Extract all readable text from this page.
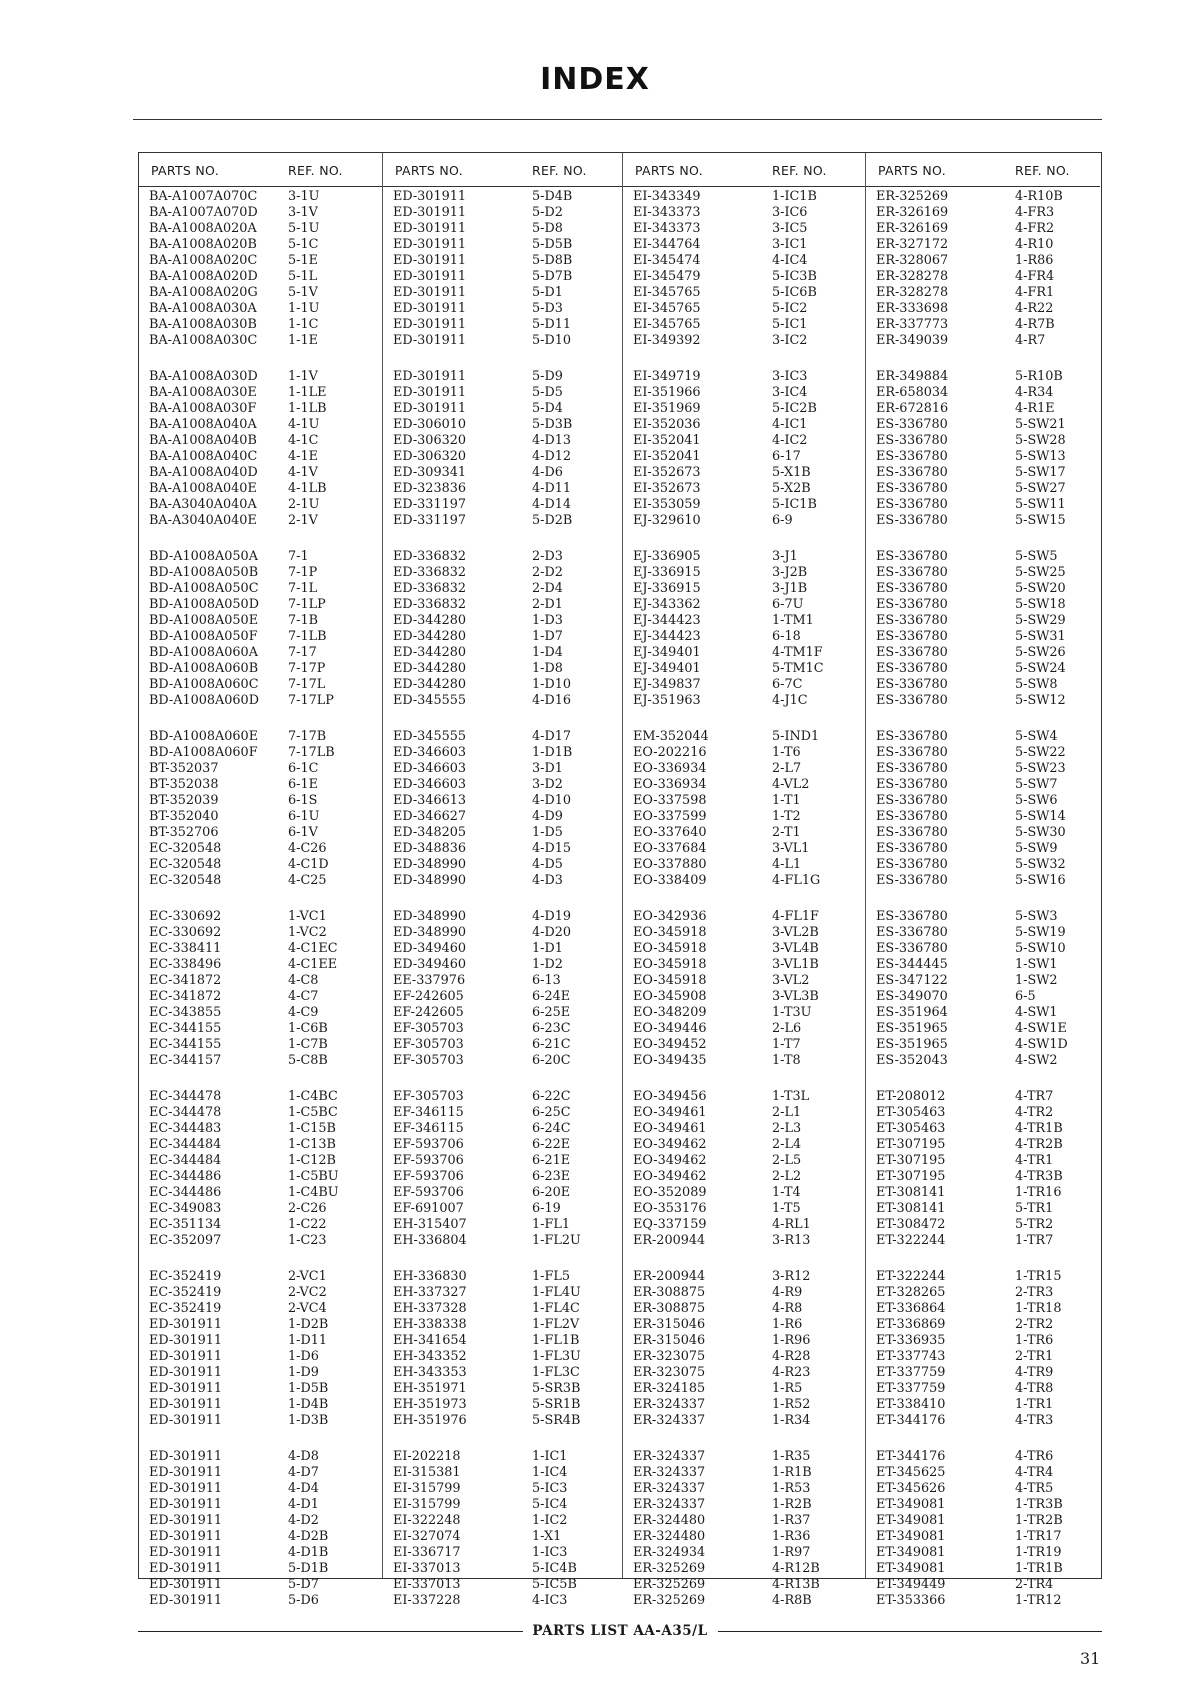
INDEX
PARTS NO.	REF. NO.
BA-A1007A070C 3-1U
BA-A1007A070D 3-1V
BA-A1008A020A 5-1U
BA-A1008A020B 5-1C
BA-A1008A020C 5-1E
BA-A1008A020D 5-1L
BA-A1008A020G 5-1V
BA-A1008A030A 1-1U
BA-A1008A030B 1-1C
BA-A1008A030C 1-1E
BA-A1008A030D 1-1V
BA-A1008A030E 1-1LE
BA-A1008A030F 1-1LB
BA-A1008A040A 4-1U
BA-A1008A040B 4-1C
BA-A1008A040C 4-1E
BA-A1008A040D 4-1V
BA-A1008A040E 4-1LB
BA-A3040A040A 2-1U
BA-A3040A040E 2-1V
BD-A1008A050A 7-1
BD-A1008A050B 7-1P
BD-A1008A050C 7-1L
BD-A1008A050D 7-1LP
BD-A1008A050E 7-1B
BD-A1008A050F 7-1LB
BD-A1008A060A 7-17
BD-A1008A060B 7-17P
BD-A1008A060C 7-17L
BD-A1008A060D 7-17LP
BD-A1008A060E 7-17B
BD-A1008A060F 7-17LB
BT-352037	6-1C
BT-352038	6-1E
BT-352039	6-1S
BT-352040	6-1U
BT-352706	6-1V
EC-320548	4-C26
EC-320548	4-C1D
EC-320548	4-C25
EC-330692	1-VC1
EC-330692	1-VC2
EC-338411	4-C1EC
EC-338496	4-C1EE
EC-341872	4-C8
EC-341872	4-C7
EC-343855	4-C9
EC-344155	1-C6B
EC-344155	1-C7B
EC-344157	5-C8B
EC-344478	1-C4BC
EC-344478	1-C5BC
EC-344483	1-C15B
EC-344484	1-C13B
EC-344484	1-C12B
EC-344486	1-C5BU
EC-344486	1-C4BU
EC-349083	2-C26
EC-351134	1-C22
EC-352097	1-C23
EC-352419	2-VC1
EC-352419	2-VC2
EC-352419	2-VC4
ED-301911	1-D2B
ED-301911	1-D11
ED-301911	1-D6
ED-301911	1-D9
ED-301911	1-D5B
ED-301911	1-D4B
ED-301911	1-D3B
ED-301911	4-D8
ED-301911	4-D7
ED-301911	4-D4
ED-301911	4-D1
ED-301911	4-D2
ED-301911	4-D2B
ED-301911	4-D1B
ED-301911	5-D1B
ED-301911	5-D7
ED-301911	5-D6
PARTS NO.	REF. NO.
ED-301911	5-D4B
ED-301911	5-D2
ED-301911	5-D8
ED-301911	5-D5B
ED-301911	5-D8B
ED-301911	5-D7B
ED-301911	5-D1
ED-301911	5-D3
ED-301911	5-D11
ED-301911	5-D10
ED-301911	5-D9
ED-301911	5-D5
ED-301911	5-D4
ED-306010	5-D3B
ED-306320	4-D13
ED-306320	4-D12
ED-309341	4-D6
ED-323836	4-D11
ED-331197	4-D14
ED-331197	5-D2B
ED-336832	2-D3
ED-336832	2-D2
ED-336832	2-D4
ED-336832	2-D1
ED-344280	1-D3
ED-344280	1-D7
ED-344280	1-D4
ED-344280	1-D8
ED-344280	1-D10
ED-345555	4-D16
ED-345555	4-D17
ED-346603	1-D1B
ED-346603	3-D1
ED-346603	3-D2
ED-346613	4-D10
ED-346627	4-D9
ED-348205	1-D5
ED-348836	4-D15
ED-348990	4-D5
ED-348990	4-D3
ED-348990	4-D19
ED-348990	4-D20
ED-349460	1-D1
ED-349460	1-D2
EE-337976	6-13
EF-242605	6-24E
EF-242605	6-25E
EF-305703	6-23C
EF-305703	6-21C
EF-305703	6-20C
EF-305703	6-22C
EF-346115	6-25C
EF-346115	6-24C
EF-593706	6-22E
EF-593706	6-21E
EF-593706	6-23E
EF-593706	6-20E
EF-691007	6-19
EH-315407	1-FL1
EH-336804	1-FL2U
EH-336830	1-FL5
EH-337327	1-FL4U
EH-337328	1-FL4C
EH-338338	1-FL2V
EH-341654	1-FL1B
EH-343352	1-FL3U
EH-343353	1-FL3C
EH-351971	5-SR3B
EH-351973	5-SR1B
EH-351976	5-SR4B
EI-202218	1-IC1
EI-315381	1-IC4
EI-315799	5-IC3
EI-315799	5-IC4
EI-322248	1-IC2
EI-327074	1-X1
EI-336717	1-IC3
EI-337013	5-IC4B
EI-337013	5-IC5B
EI-337228	4-IC3
PARTS NO.	REF. NO.
EI-343349	1-IC1B
EI-343373	3-IC6
EI-343373	3-IC5
EI-344764	3-IC1
EI-345474	4-IC4
EI-345479	5-IC3B
EI-345765	5-IC6B
EI-345765	5-IC2
EI-345765	5-IC1
EI-349392	3-IC2
EI-349719	3-IC3
EI-351966	3-IC4
EI-351969	5-IC2B
EI-352036	4-IC1
EI-352041	4-IC2
EI-352041	6-17
EI-352673	5-X1B
EI-352673	5-X2B
EI-353059	5-IC1B
EJ-329610	6-9
EJ-336905	3-J1
EJ-336915	3-J2B
EJ-336915	3-J1B
EJ-343362	6-7U
EJ-344423	1-TM1
EJ-344423	6-18
EJ-349401	4-TM1F
EJ-349401	5-TM1C
EJ-349837	6-7C
EJ-351963	4-J1C
EM-352044	5-IND1
EO-202216	1-T6
EO-336934	2-L7
EO-336934	4-VL2
EO-337598	1-T1
EO-337599	1-T2
EO-337640	2-T1
EO-337684	3-VL1
EO-337880	4-L1
EO-338409	4-FL1G
EO-342936	4-FL1F
EO-345918	3-VL2B
EO-345918	3-VL4B
EO-345918	3-VL1B
EO-345918	3-VL2
EO-345908	3-VL3B
EO-348209	1-T3U
EO-349446	2-L6
EO-349452	1-T7
EO-349435	1-T8
EO-349456	1-T3L
EO-349461	2-L1
EO-349461	2-L3
EO-349462	2-L4
EO-349462	2-L5
EO-349462	2-L2
EO-352089	1-T4
EO-353176	1-T5
EQ-337159	4-RL1
ER-200944	3-R13
ER-200944	3-R12
ER-308875	4-R9
ER-308875	4-R8
ER-315046	1-R6
ER-315046	1-R96
ER-323075	4-R28
ER-323075	4-R23
ER-324185	1-R5
ER-324337	1-R52
ER-324337	1-R34
ER-324337	1-R35
ER-324337	1-R1B
ER-324337	1-R53
ER-324337	1-R2B
ER-324480	1-R37
ER-324480	1-R36
ER-324934	1-R97
ER-325269	4-R12B
ER-325269	4-R13B
ER-325269	4-R8B
PARTS NO.	REF. NO.
ER-325269	4-R10B
ER-326169	4-FR3
ER-326169	4-FR2
ER-327172	4-R10
ER-328067	1-R86
ER-328278	4-FR4
ER-328278	4-FR1
ER-333698	4-R22
ER-337773	4-R7B
ER-349039	4-R7
ER-349884	5-R10B
ER-658034	4-R34
ER-672816	4-R1E
ES-336780	5-SW21
ES-336780	5-SW28
ES-336780	5-SW13
ES-336780	5-SW17
ES-336780	5-SW27
ES-336780	5-SW11
ES-336780	5-SW15
ES-336780	5-SW5
ES-336780	5-SW25
ES-336780	5-SW20
ES-336780	5-SW18
ES-336780	5-SW29
ES-336780	5-SW31
ES-336780	5-SW26
ES-336780	5-SW24
ES-336780	5-SW8
ES-336780	5-SW12
ES-336780	5-SW4
ES-336780	5-SW22
ES-336780	5-SW23
ES-336780	5-SW7
ES-336780	5-SW6
ES-336780	5-SW14
ES-336780	5-SW30
ES-336780	5-SW9
ES-336780	5-SW32
ES-336780	5-SW16
ES-336780	5-SW3
ES-336780	5-SW19
ES-336780	5-SW10
ES-344445	1-SW1
ES-347122	1-SW2
ES-349070	6-5
ES-351964	4-SW1
ES-351965	4-SW1E
ES-351965	4-SW1D
ES-352043	4-SW2
ET-208012	4-TR7
ET-305463	4-TR2
ET-305463	4-TR1B
ET-307195	4-TR2B
ET-307195	4-TR1
ET-307195	4-TR3B
ET-308141	1-TR16
ET-308141	5-TR1
ET-308472	5-TR2
ET-322244	1-TR7
ET-322244	1-TR15
ET-328265	2-TR3
ET-336864	1-TR18
ET-336869	2-TR2
ET-336935	1-TR6
ET-337743	2-TR1
ET-337759	4-TR9
ET-337759	4-TR8
ET-338410	1-TR1
ET-344176	4-TR3
ET-344176	4-TR6
ET-345625	4-TR4
ET-345626	4-TR5
ET-349081	1-TR3B
ET-349081	1-TR2B
ET-349081	1-TR17
ET-349081	1-TR19
ET-349081	1-TR1B
ET-349449	2-TR4
ET-353366	1-TR12
PARTS LIST AA-A35/L
31
